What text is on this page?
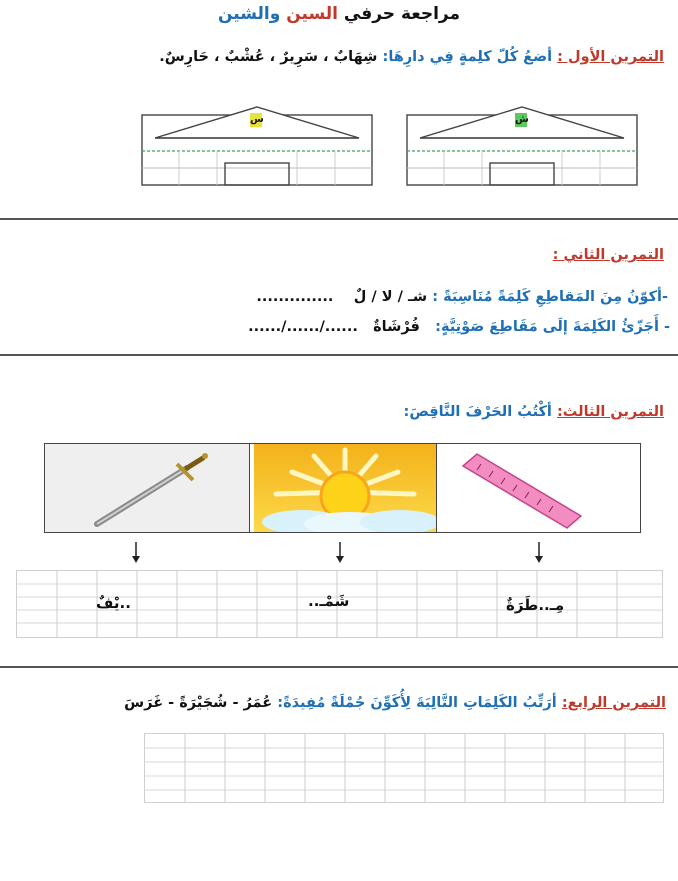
مراجعة حرفي السين والشين
التمرين الأول : أضعُ كُلّ كلِمةٍ فِي دارِهَا: شِهَابٌ ، سَرِيرٌ ، عُشْبٌ ، حَارِسٌ.
س	ش
التمرين الثاني :
-أكوّنُ مِنَ المَقاطِعِ كَلِمَةً مُنَاسِبَةً : شـ / لا / لٌ    ..............
- أَجَزّئُ الكَلِمَةَ إلَى مَقَاطِعَ صَوْتِيَّةٍ:   فُرْشَاةٌ   ....../....../......
التمرين الثالث: أكْتُبُ الحَرْفَ النَّاقِصَ:
..يْفٌ	شَمْـ..	مِـ..طَرَةٌ
التمرين الرابع: أرَتِّبُ الكَلِمَاتِ التَّالِيَةَ لِأُكَوِّنَ جُمْلَةً مُفِيدَةً: عُمَرُ - شُجَيْرَةً - غَرَسَ
